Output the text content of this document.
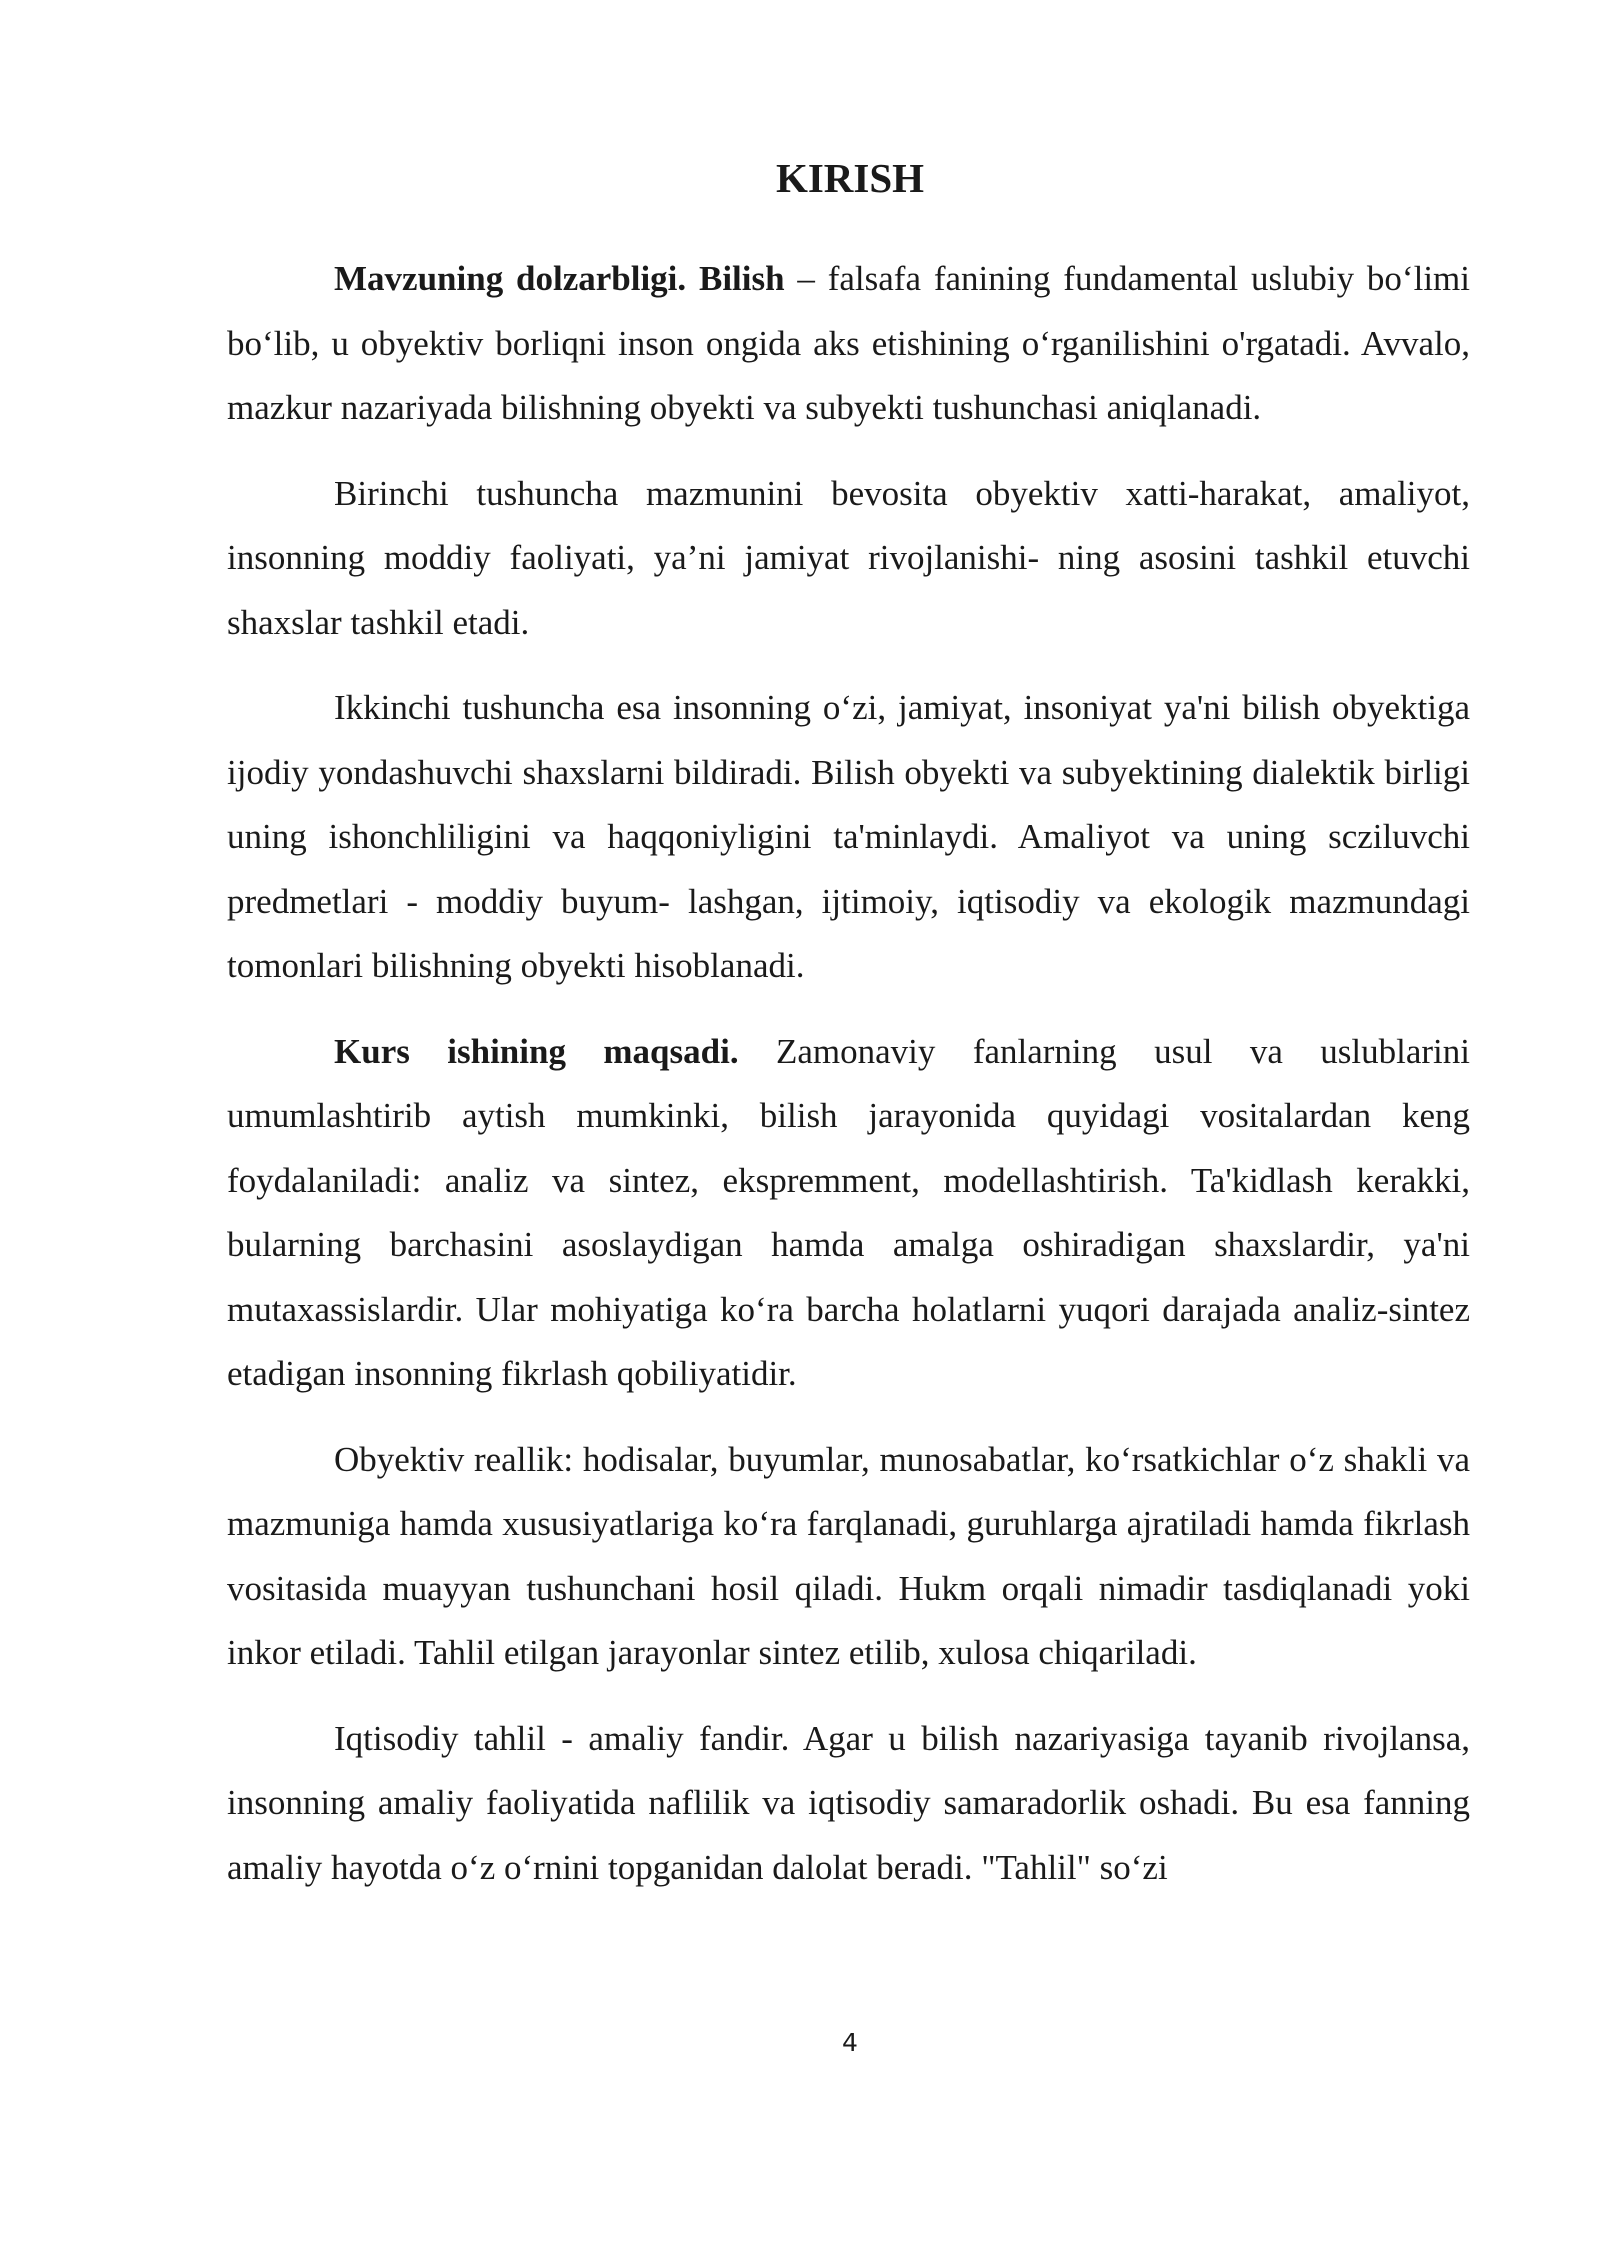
KIRISH

Mavzuning dolzarbligi. Bilish – falsafa fanining fundamental uslubiy bo‘limi bo‘lib, u obyektiv borliqni inson ongida aks etishining o‘rganilishini o'rgatadi. Avvalo, mazkur nazariyada bilishning obyekti va subyekti tushunchasi aniqlanadi.

Birinchi tushuncha mazmunini bevosita obyektiv xatti-harakat, amaliyot, insonning moddiy faoliyati, ya’ni jamiyat rivojlanishi- ning asosini tashkil etuvchi shaxslar tashkil etadi.

Ikkinchi tushuncha esa insonning o‘zi, jamiyat, insoniyat ya'ni bilish obyektiga ijodiy yondashuvchi shaxslarni bildiradi. Bilish obyekti va subyektining dialektik birligi uning ishonchliligini va haqqoniyligini ta'minlaydi. Amaliyot va uning scziluvchi predmetlari - moddiy buyum- lashgan, ijtimoiy, iqtisodiy va ekologik mazmundagi tomonlari bilishning obyekti hisoblanadi.

Kurs ishining maqsadi. Zamonaviy fanlarning usul va uslublarini umumlashtirib aytish mumkinki, bilish jarayonida quyidagi vositalardan keng foydalaniladi: analiz va sintez, ekspremment, modellashtirish. Ta'kidlash kerakki, bularning barchasini asoslaydigan hamda amalga oshiradigan shaxslardir, ya'ni mutaxassislardir. Ular mohiyatiga ko‘ra barcha holatlarni yuqori darajada analiz-sintez etadigan insonning fikrlash qobiliyatidir.

Obyektiv reallik: hodisalar, buyumlar, munosabatlar, ko‘rsatkichlar o‘z shakli va mazmuniga hamda xususiyatlariga ko‘ra farqlanadi, guruhlarga ajratiladi hamda fikrlash vositasida muayyan tushunchani hosil qiladi. Hukm orqali nimadir tasdiqlanadi yoki inkor etiladi. Tahlil etilgan jarayonlar sintez etilib, xulosa chiqariladi.

Iqtisodiy tahlil - amaliy fandir. Agar u bilish nazariyasiga tayanib rivojlansa, insonning amaliy faoliyatida naflilik va iqtisodiy samaradorlik oshadi. Bu esa fanning amaliy hayotda o‘z o‘rnini topganidan dalolat beradi. "Tahlil" so‘zi

4
